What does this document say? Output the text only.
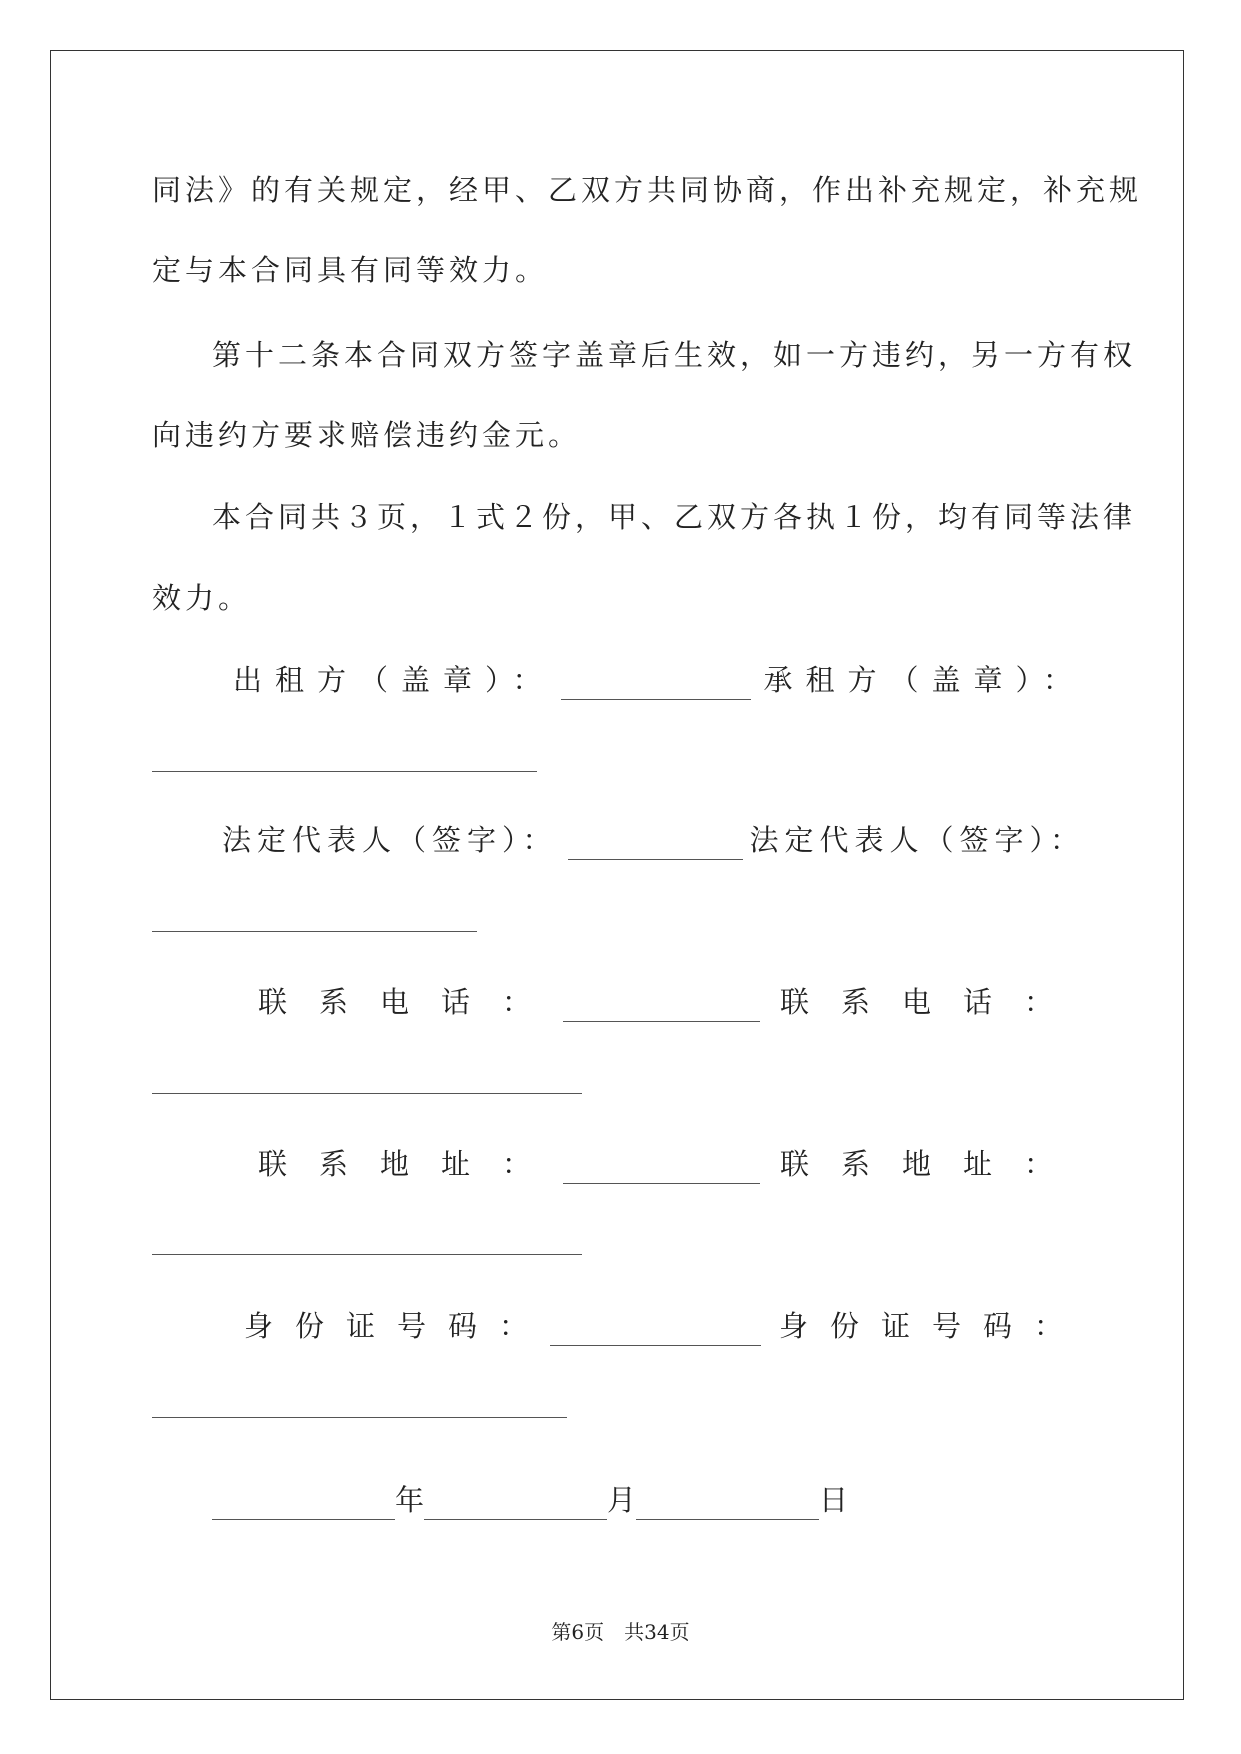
同法》的有关规定，经甲、乙双方共同协商，作出补充规定，补充规
定与本合同具有同等效力。
第十二条本合同双方签字盖章后生效，如一方违约，另一方有权
向违约方要求赔偿违约金元。
本合同共３页，１式２份，甲、乙双方各执１份，均有同等法律
效力。
出租方（盖章）：	承租方（盖章）：
法定代表人（签字）：	法定代表人（签字）：
联系电话：	联系电话：
联系地址：	联系地址：
身份证号码：	身份证号码：
年	月	日
第6页　共34页
